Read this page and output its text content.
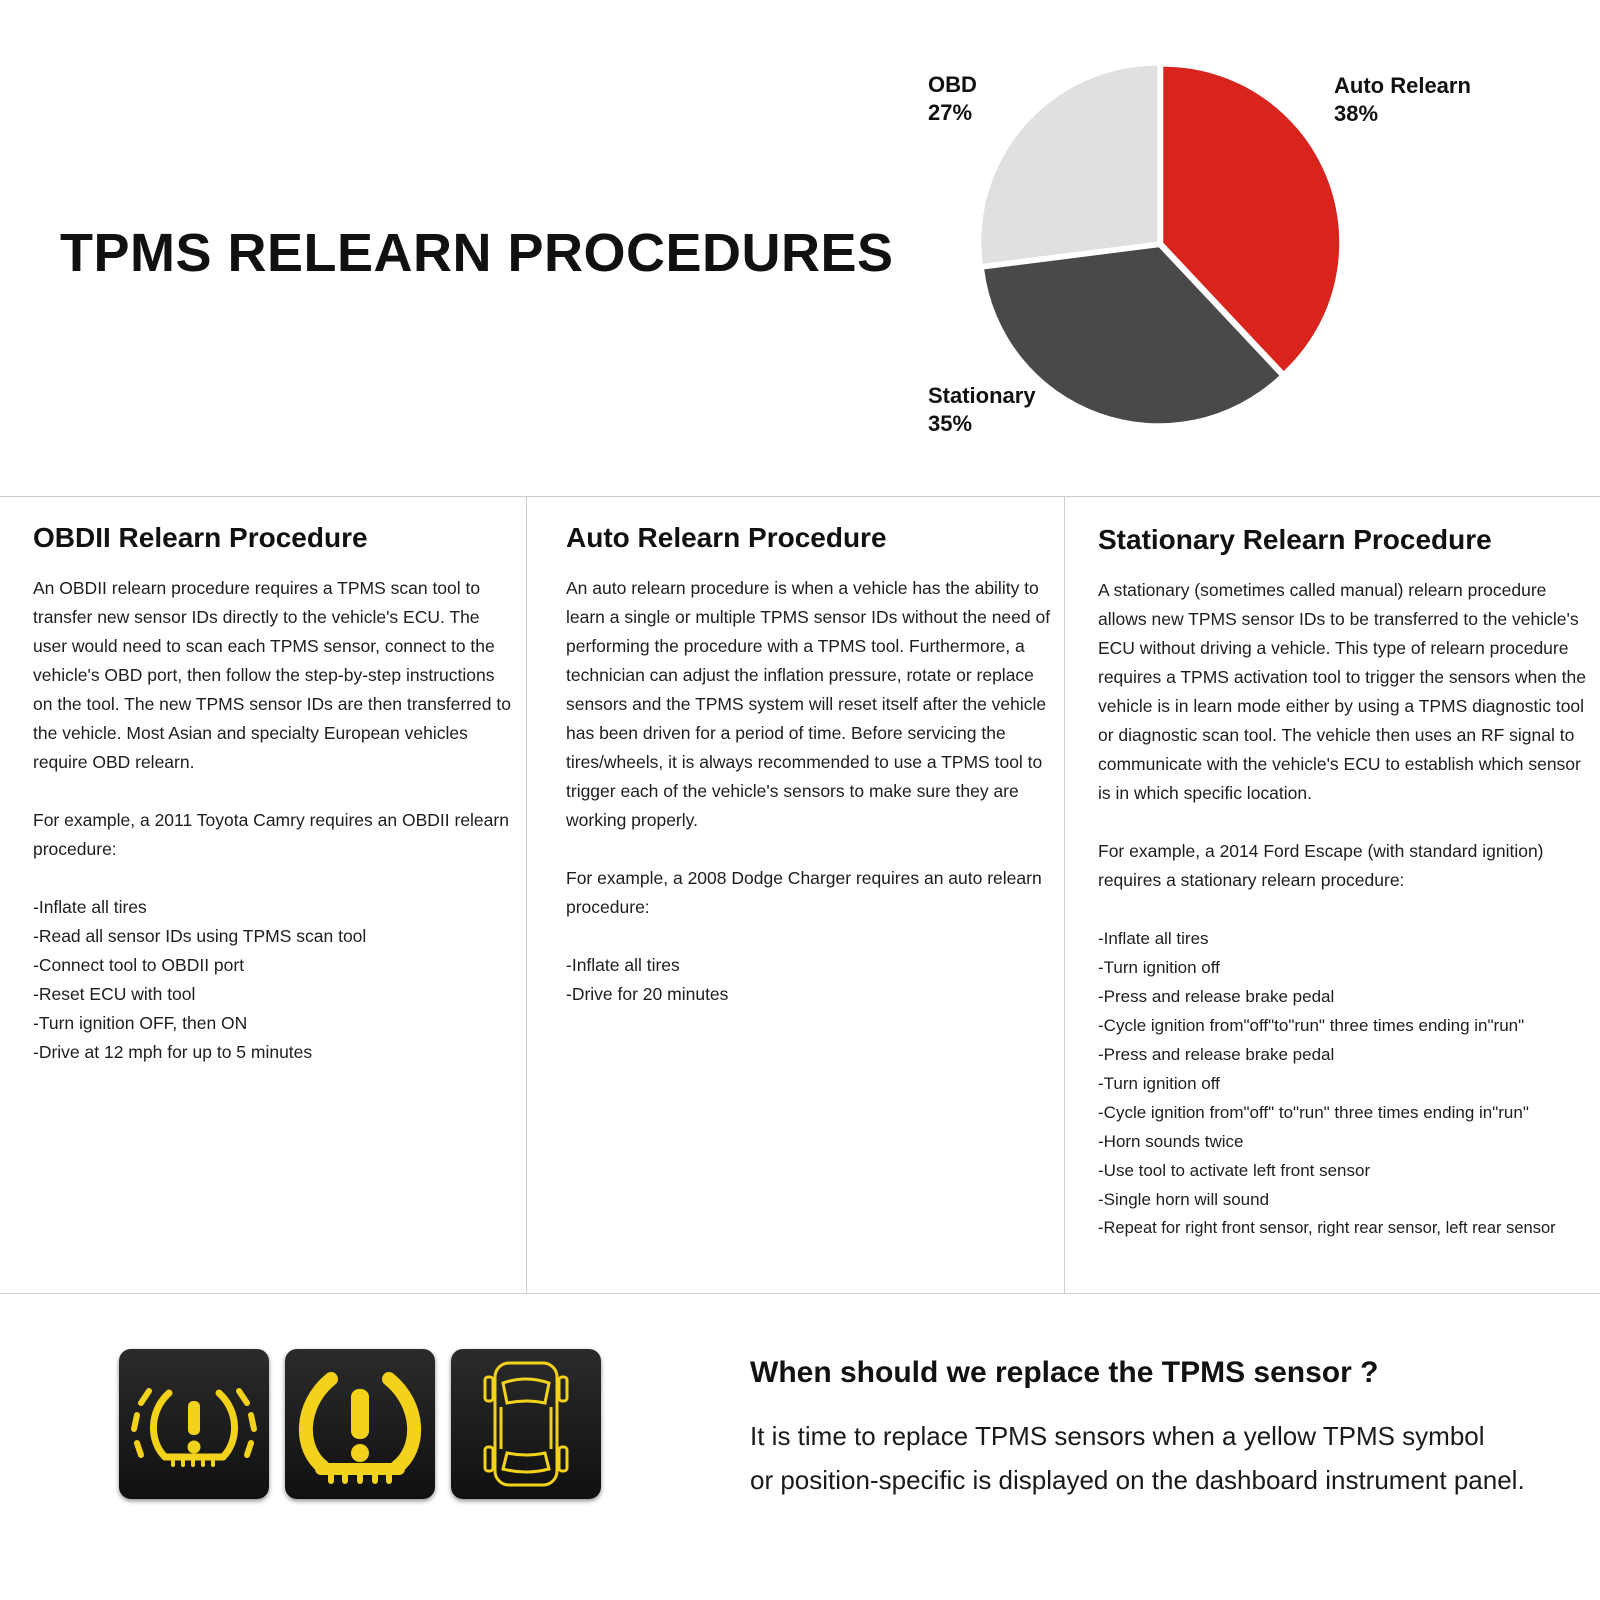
TPMS RELEARN PROCEDURES
Auto Relearn
38%
Stationary
35%
OBD
27%
OBDII Relearn Procedure

An OBDII relearn procedure requires a TPMS scan tool to transfer new sensor IDs directly to the vehicle's ECU. The user would need to scan each TPMS sensor, connect to the vehicle's OBD port, then follow the step-by-step instructions on the tool. The new TPMS sensor IDs are then transferred to the vehicle. Most Asian and specialty European vehicles require OBD relearn.

For example, a 2011 Toyota Camry requires an OBDII relearn procedure:

-Inflate all tires
-Read all sensor IDs using TPMS scan tool
-Connect tool to OBDII port
-Reset ECU with tool
-Turn ignition OFF, then ON
-Drive at 12 mph for up to 5 minutes
Auto Relearn Procedure

An auto relearn procedure is when a vehicle has the ability to learn a single or multiple TPMS sensor IDs without the need of performing the procedure with a TPMS tool. Furthermore, a technician can adjust the inflation pressure, rotate or replace sensors and the TPMS system will reset itself after the vehicle has been driven for a period of time. Before servicing the tires/wheels, it is always recommended to use a TPMS tool to trigger each of the vehicle's sensors to make sure they are working properly.

For example, a 2008 Dodge Charger requires an auto relearn procedure:

-Inflate all tires
-Drive for 20 minutes
Stationary Relearn Procedure

A stationary (sometimes called manual) relearn procedure allows new TPMS sensor IDs to be transferred to the vehicle's ECU without driving a vehicle. This type of relearn procedure requires a TPMS activation tool to trigger the sensors when the vehicle is in learn mode either by using a TPMS diagnostic tool or diagnostic scan tool. The vehicle then uses an RF signal to communicate with the vehicle's ECU to establish which sensor is in which specific location.

For example, a 2014 Ford Escape (with standard ignition) requires a stationary relearn procedure:

-Inflate all tires
-Turn ignition off
-Press and release brake pedal
-Cycle ignition from"off"to"run" three times ending in"run"
-Press and release brake pedal
-Turn ignition off
-Cycle ignition from"off" to"run" three times ending in"run"
-Horn sounds twice
-Use tool to activate left front sensor
-Single horn will sound
-Repeat for right front sensor, right rear sensor, left rear sensor
When should we replace the TPMS sensor ?
It is time to replace TPMS sensors when a yellow TPMS symbol
or position-specific is displayed on the dashboard instrument panel.
